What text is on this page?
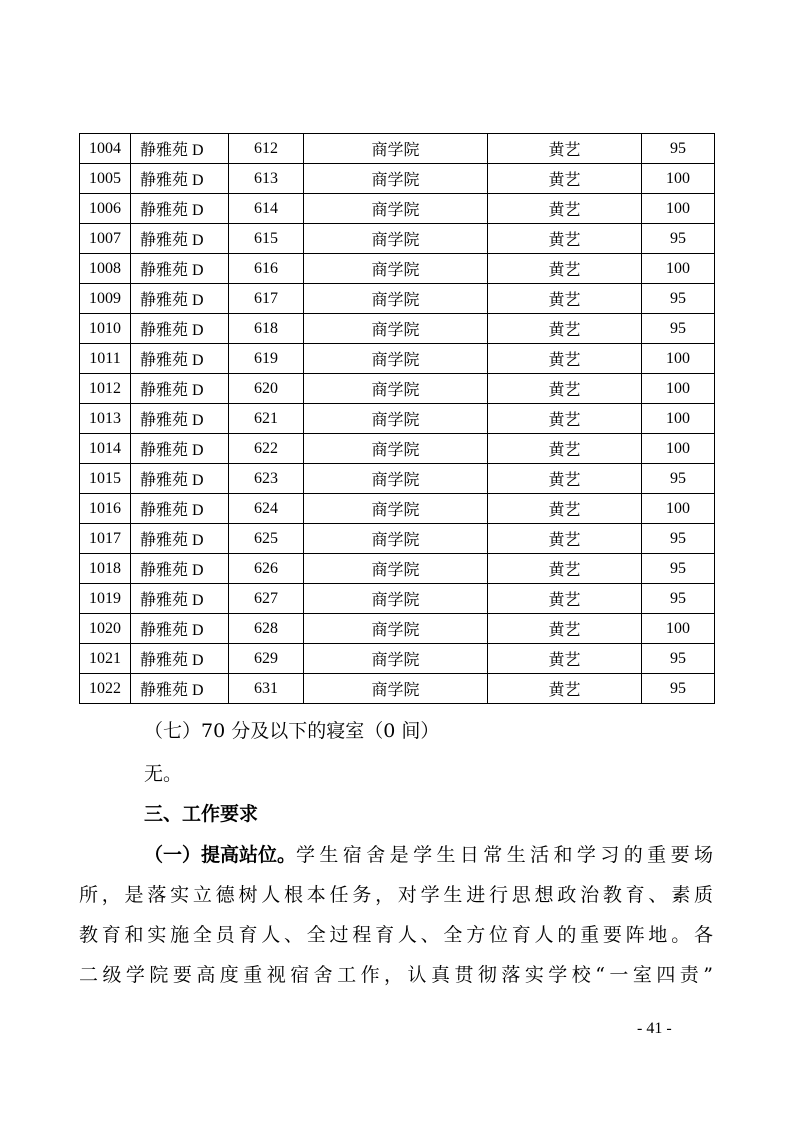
1004	静雅苑 D	612	商学院	黄艺	95
1005	静雅苑 D	613	商学院	黄艺	100
1006	静雅苑 D	614	商学院	黄艺	100
1007	静雅苑 D	615	商学院	黄艺	95
1008	静雅苑 D	616	商学院	黄艺	100
1009	静雅苑 D	617	商学院	黄艺	95
1010	静雅苑 D	618	商学院	黄艺	95
1011	静雅苑 D	619	商学院	黄艺	100
1012	静雅苑 D	620	商学院	黄艺	100
1013	静雅苑 D	621	商学院	黄艺	100
1014	静雅苑 D	622	商学院	黄艺	100
1015	静雅苑 D	623	商学院	黄艺	95
1016	静雅苑 D	624	商学院	黄艺	100
1017	静雅苑 D	625	商学院	黄艺	95
1018	静雅苑 D	626	商学院	黄艺	95
1019	静雅苑 D	627	商学院	黄艺	95
1020	静雅苑 D	628	商学院	黄艺	100
1021	静雅苑 D	629	商学院	黄艺	95
1022	静雅苑 D	631	商学院	黄艺	95
（七）70 分及以下的寝室（0 间）
无。
三、工作要求
（一）提高站位。 学生宿舍是学生日常生活和学习的重要场
所，是落实立德树人根本任务，对学生进行思想政治教育、素质
教育和实施全员育人、全过程育人、全方位育人的重要阵地。各
二级学院要高度重视宿舍工作，认真贯彻落实学校“一室四责”
- 41 -
